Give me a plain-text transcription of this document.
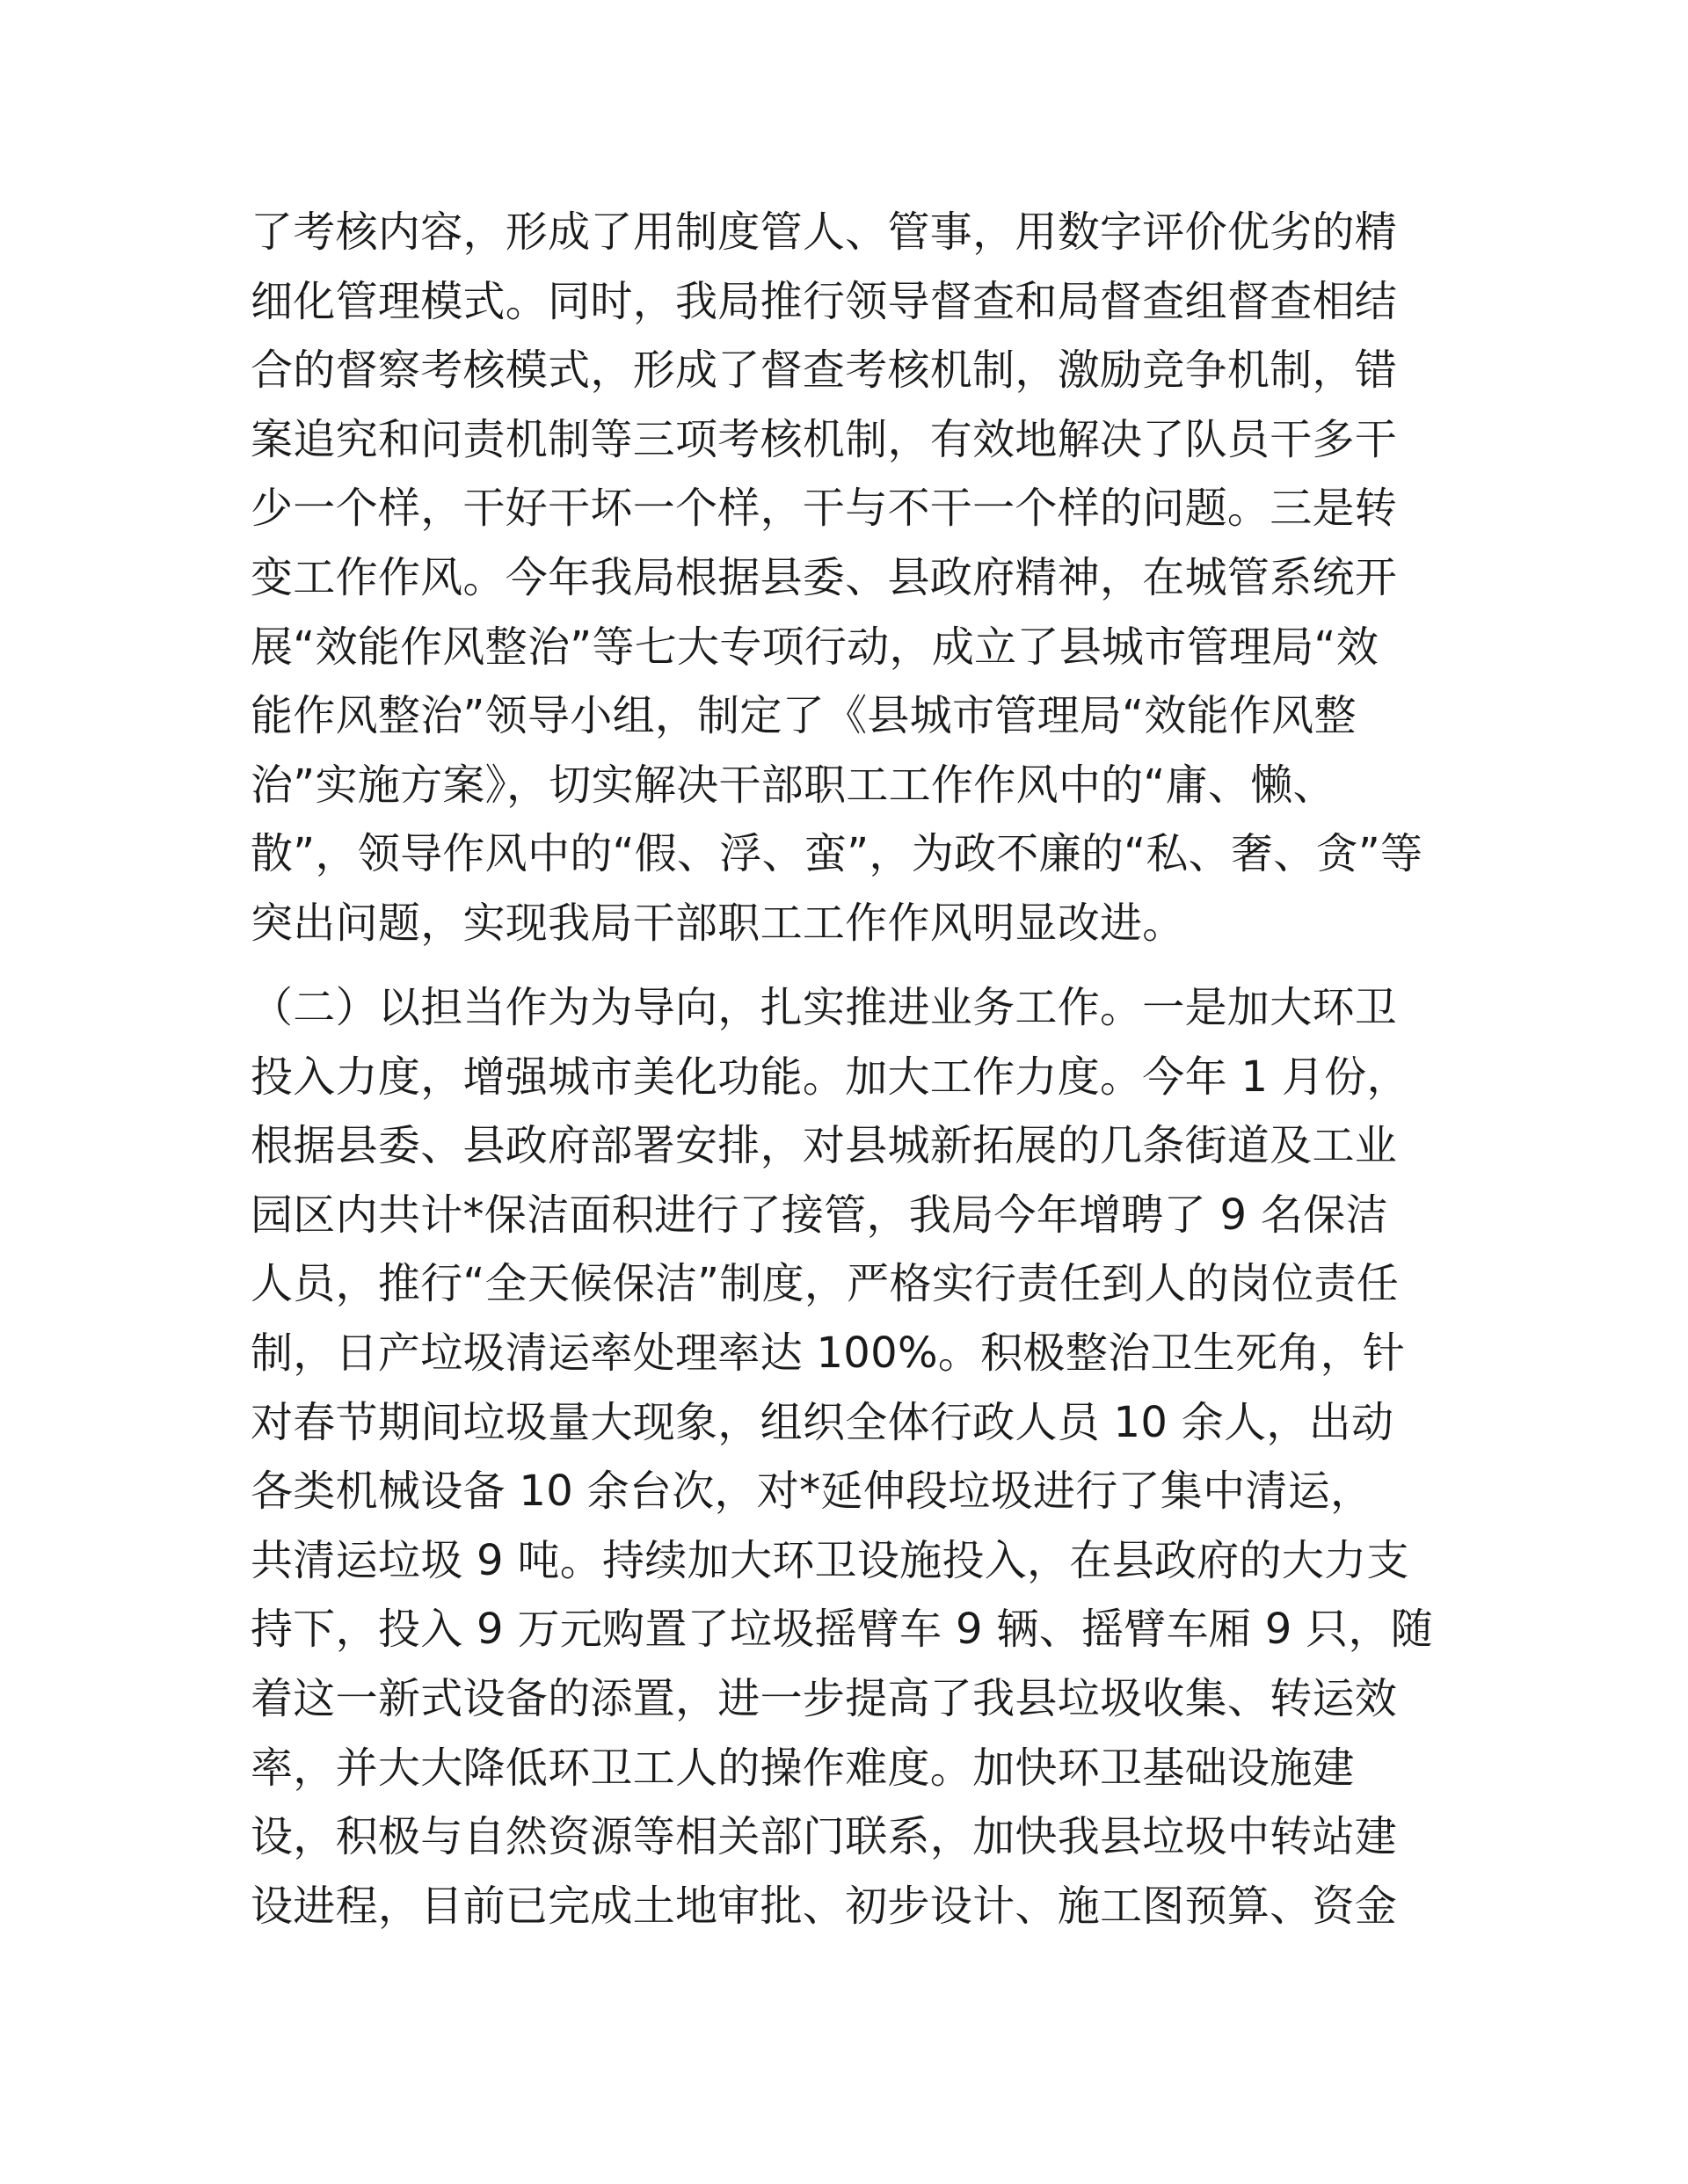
了考核内容，形成了用制度管人、管事，用数字评价优劣的精
细化管理模式。同时，我局推行领导督查和局督查组督查相结
合的督察考核模式，形成了督查考核机制，激励竞争机制，错
案追究和问责机制等三项考核机制，有效地解决了队员干多干
少一个样，干好干坏一个样，干与不干一个样的问题。三是转
变工作作风。今年我局根据县委、县政府精神，在城管系统开
展“效能作风整治”等七大专项行动，成立了县城市管理局“效
能作风整治”领导小组，制定了《县城市管理局“效能作风整
治”实施方案》，切实解决干部职工工作作风中的“庸、懒、
散”，领导作风中的“假、浮、蛮”，为政不廉的“私、奢、贪”等
突出问题，实现我局干部职工工作作风明显改进。
（二）以担当作为为导向，扎实推进业务工作。一是加大环卫
投入力度，增强城市美化功能。加大工作力度。今年 1 月份，
根据县委、县政府部署安排，对县城新拓展的几条街道及工业
园区内共计*保洁面积进行了接管，我局今年增聘了 9 名保洁
人员，推行“全天候保洁”制度，严格实行责任到人的岗位责任
制，日产垃圾清运率处理率达 100%。积极整治卫生死角，针
对春节期间垃圾量大现象，组织全体行政人员 10 余人，出动
各类机械设备 10 余台次，对*延伸段垃圾进行了集中清运，
共清运垃圾 9 吨。持续加大环卫设施投入，在县政府的大力支
持下，投入 9 万元购置了垃圾摇臂车 9 辆、摇臂车厢 9 只，随
着这一新式设备的添置，进一步提高了我县垃圾收集、转运效
率，并大大降低环卫工人的操作难度。加快环卫基础设施建
设，积极与自然资源等相关部门联系，加快我县垃圾中转站建
设进程，目前已完成土地审批、初步设计、施工图预算、资金
